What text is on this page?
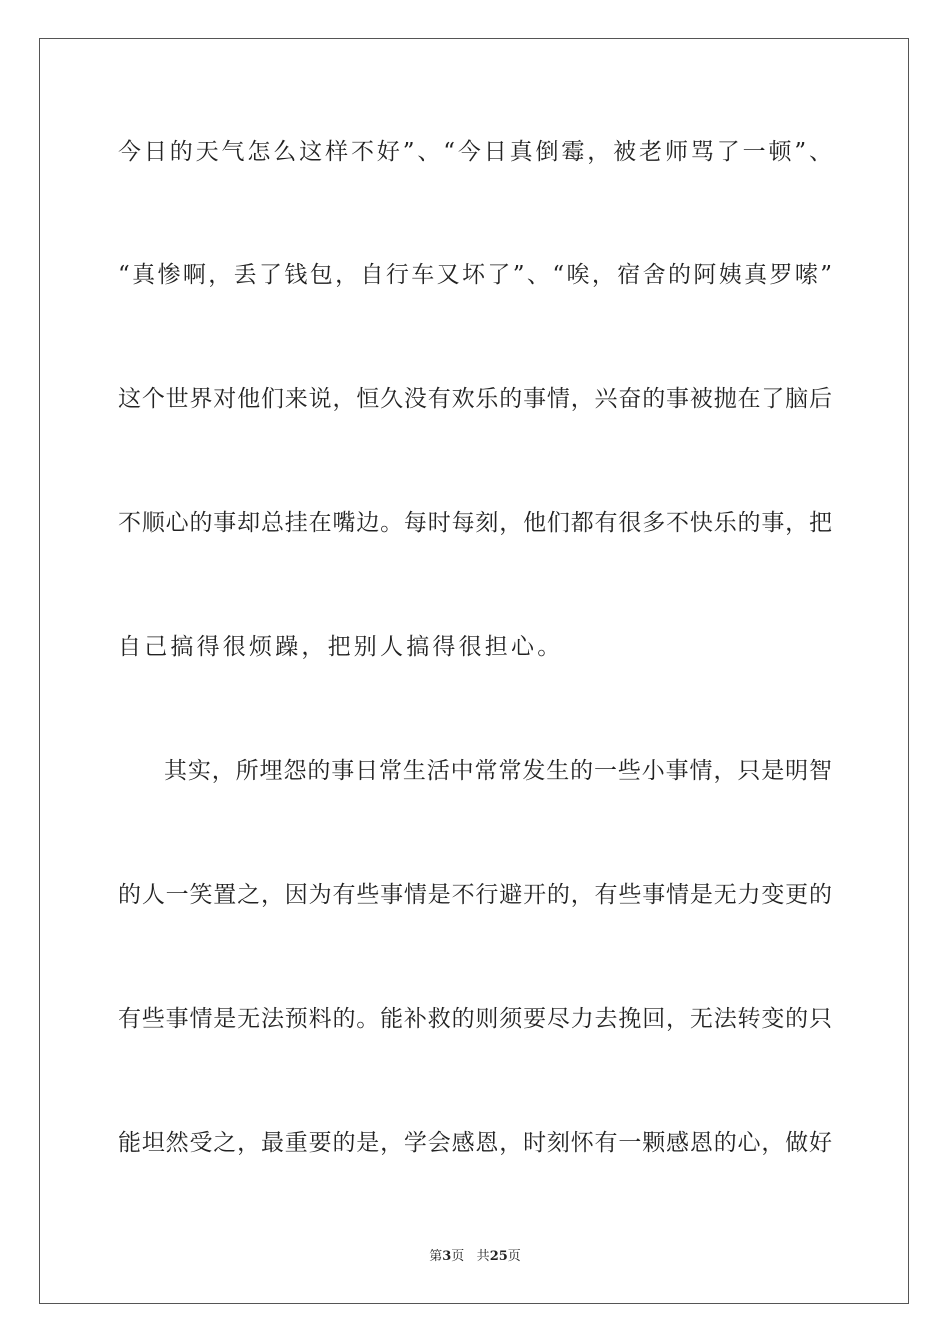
今日的天气怎么这样不好”、“今日真倒霉，被老师骂了一顿”、
“真惨啊，丢了钱包，自行车又坏了”、“唉，宿舍的阿姨真罗嗦”
这个世界对他们来说，恒久没有欢乐的事情，兴奋的事被抛在了脑后
不顺心的事却总挂在嘴边。每时每刻，他们都有很多不快乐的事，把
自己搞得很烦躁，把别人搞得很担心。
其实，所埋怨的事日常生活中常常发生的一些小事情，只是明智
的人一笑置之，因为有些事情是不行避开的，有些事情是无力变更的
有些事情是无法预料的。能补救的则须要尽力去挽回，无法转变的只
能坦然受之，最重要的是，学会感恩，时刻怀有一颗感恩的心，做好
第3页 共25页
